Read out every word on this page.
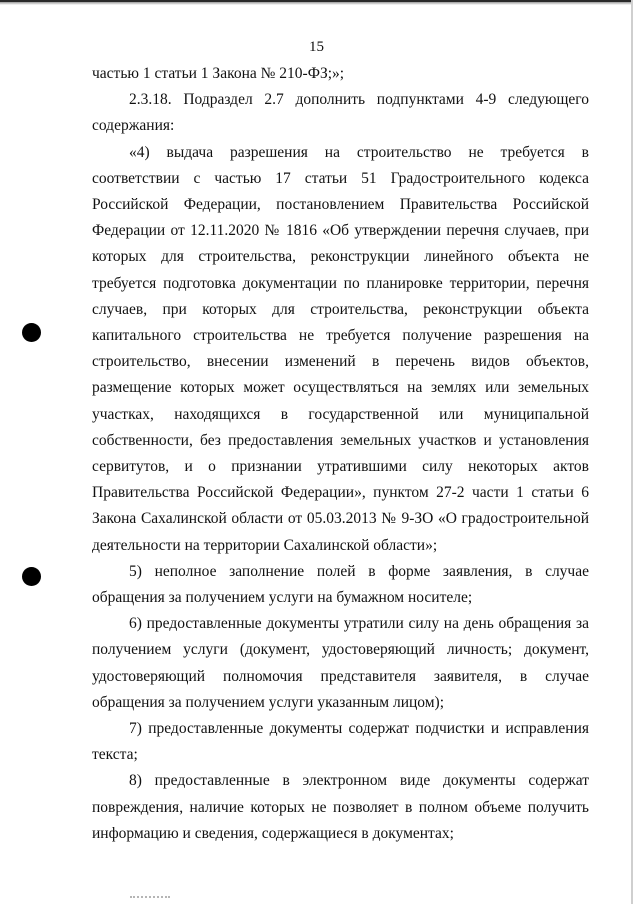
15

частью 1 статьи 1 Закона № 210-ФЗ;»;

2.3.18. Подраздел 2.7 дополнить подпунктами 4-9 следующего содержания:

«4) выдача разрешения на строительство не требуется в соответствии с частью 17 статьи 51 Градостроительного кодекса Российской Федерации, постановлением Правительства Российской Федерации от 12.11.2020 № 1816 «Об утверждении перечня случаев, при которых для строительства, реконструкции линейного объекта не требуется подготовка документации по планировке территории, перечня случаев, при которых для строительства, реконструкции объекта капитального строительства не требуется получение разрешения на строительство, внесении изменений в перечень видов объектов, размещение которых может осуществляться на землях или земельных участках, находящихся в государственной или муниципальной собственности, без предоставления земельных участков и установления сервитутов, и о признании утратившими силу некоторых актов Правительства Российской Федерации», пунктом 27-2 части 1 статьи 6 Закона Сахалинской области от 05.03.2013 № 9-ЗО «О градостроительной деятельности на территории Сахалинской области»;

5) неполное заполнение полей в форме заявления, в случае обращения за получением услуги на бумажном носителе;

6) предоставленные документы утратили силу на день обращения за получением услуги (документ, удостоверяющий личность; документ, удостоверяющий полномочия представителя заявителя, в случае обращения за получением услуги указанным лицом);

7) предоставленные документы содержат подчистки и исправления текста;

8) предоставленные в электронном виде документы содержат повреждения, наличие которых не позволяет в полном объеме получить информацию и сведения, содержащиеся в документах;
